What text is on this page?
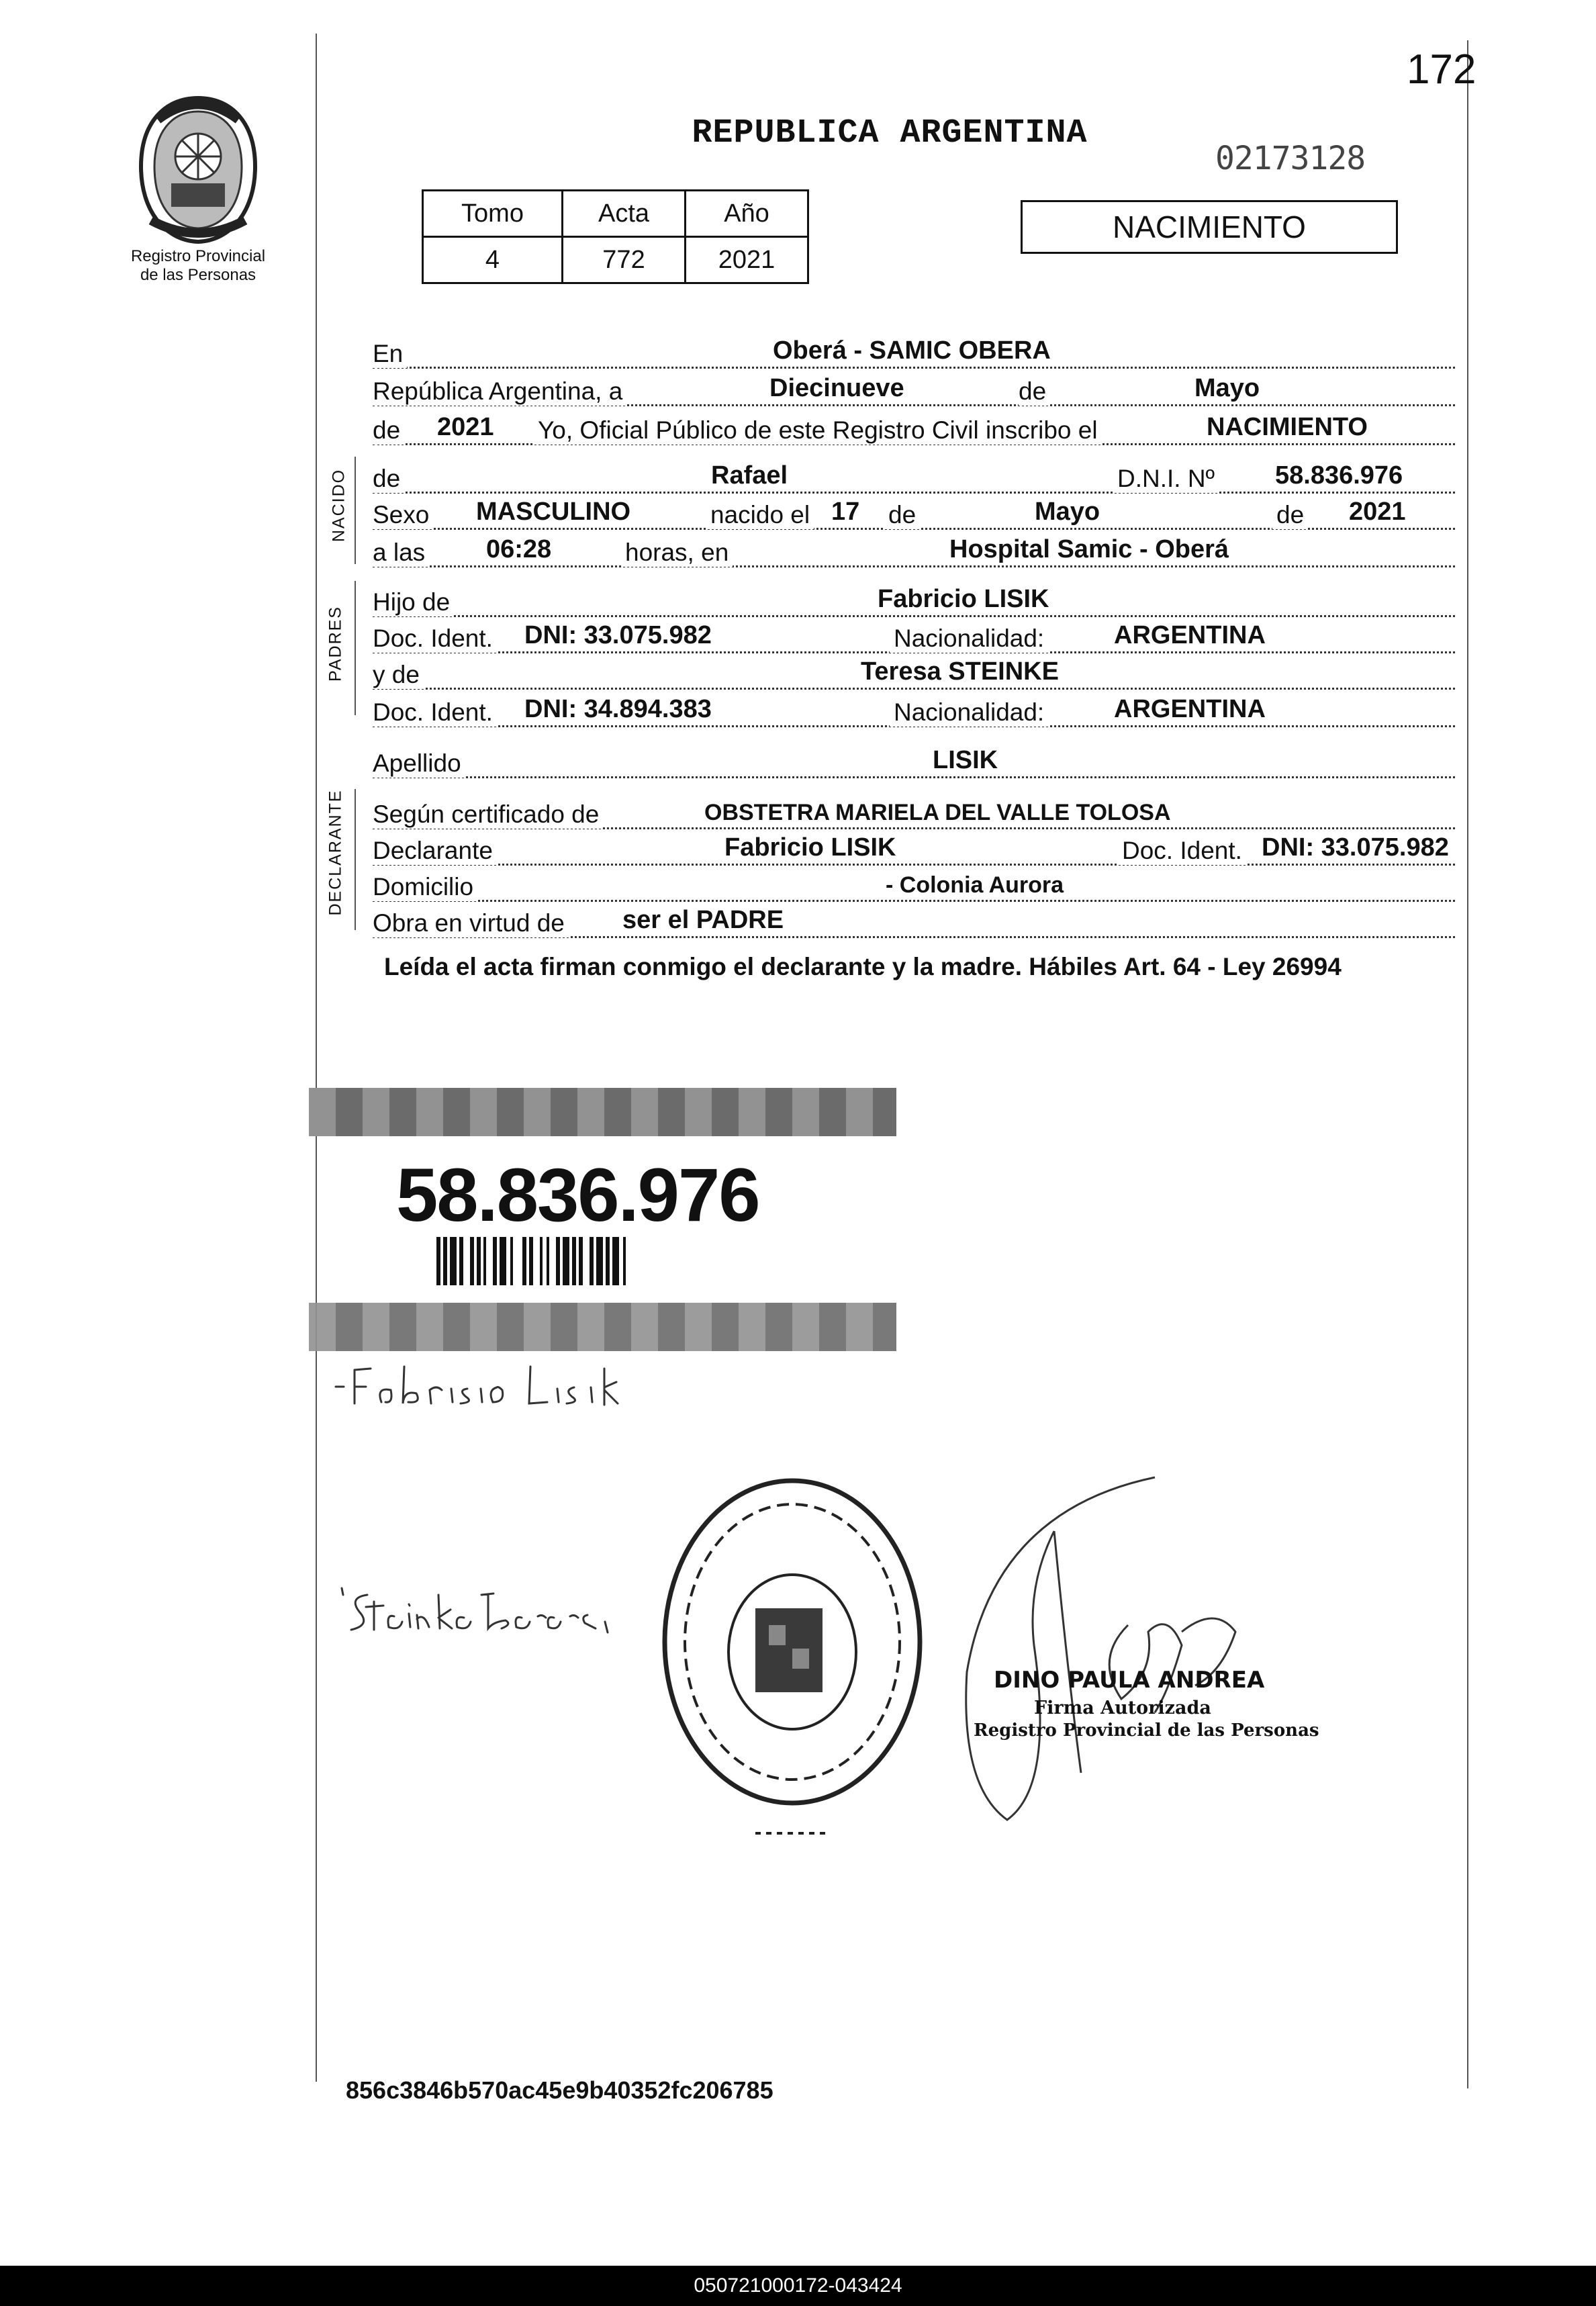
172
Registro Provincial
de las Personas
REPUBLICA ARGENTINA
02173128
Tomo	Acta	Año
4	772	2021
NACIMIENTO
NACIDO
PADRES
DECLARANTE
En	Oberá - SAMIC OBERA
República Argentina, a	Diecinueve	de	Mayo
de 2021 Yo, Oficial Público de este Registro Civil inscribo el	NACIMIENTO
de	Rafael	D.N.I. Nº 58.836.976
Sexo MASCULINO	nacido el 17 de	Mayo	de 2021
a las 06:28	horas, en	Hospital Samic - Oberá
Hijo de	Fabricio LISIK
Doc. Ident. DNI: 33.075.982	Nacionalidad:	ARGENTINA
y de	Teresa STEINKE
Doc. Ident. DNI: 34.894.383	Nacionalidad:	ARGENTINA
Apellido	LISIK
Según certificado de	OBSTETRA MARIELA DEL VALLE TOLOSA
Declarante	Fabricio LISIK	Doc. Ident. DNI: 33.075.982
Domicilio	- Colonia Aurora
Obra en virtud de ser el PADRE
Leída el acta firman conmigo el declarante y la madre. Hábiles Art. 64 - Ley 26994
58.836.976
DINO PAULA ANDREA
Firma Autorizada
Registro Provincial de las Personas
856c3846b570ac45e9b40352fc206785
050721000172-043424
